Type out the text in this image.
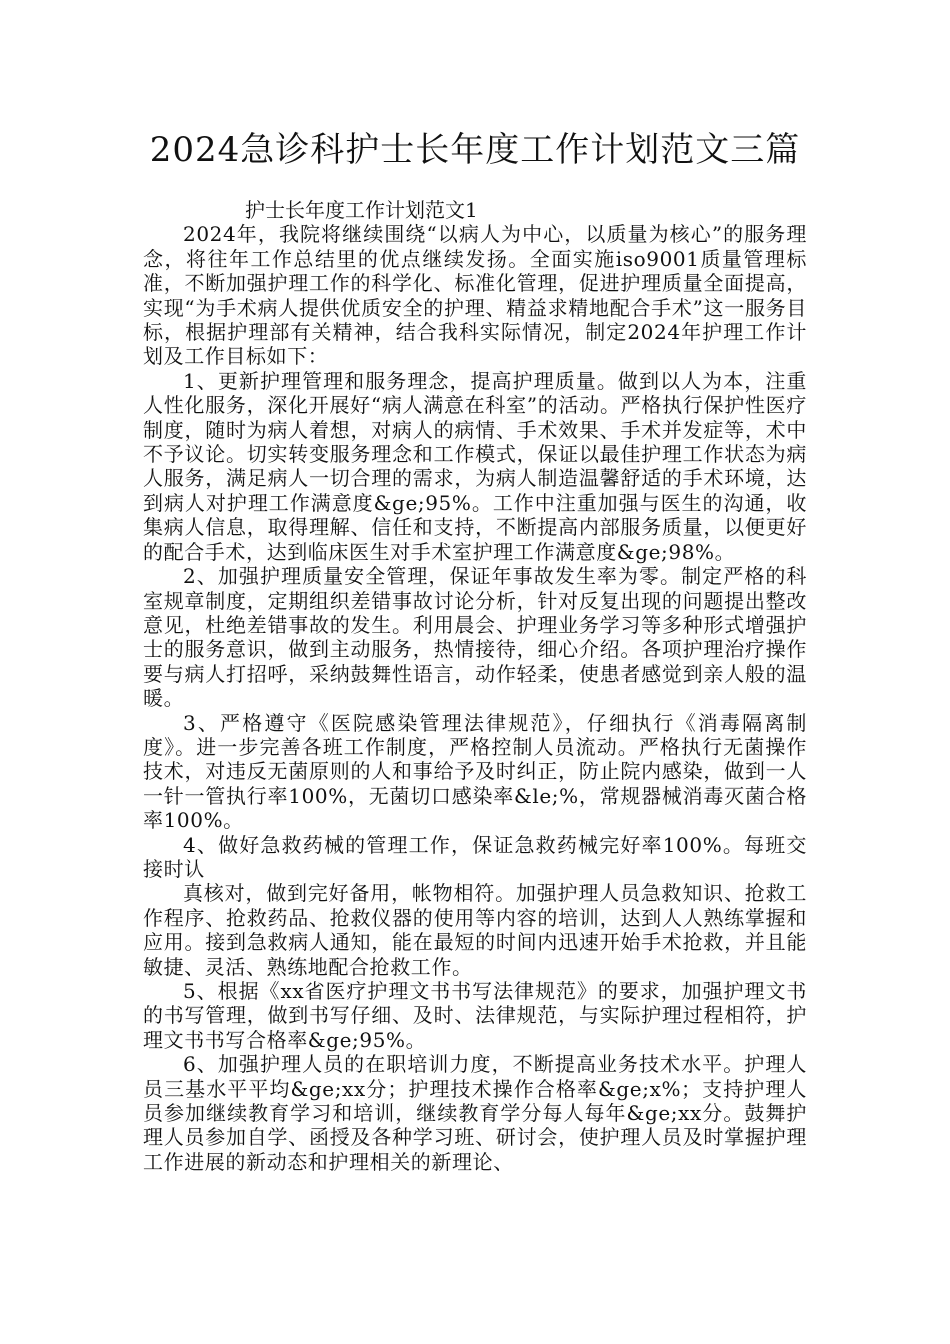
2024急诊科护士长年度工作计划范文三篇

护士长年度工作计划范文1

2024年，我院将继续围绕“以病人为中心，以质量为核心”的服务理念，将往年工作总结里的优点继续发扬。全面实施iso9001质量管理标准，不断加强护理工作的科学化、标准化管理，促进护理质量全面提高，实现“为手术病人提供优质安全的护理、精益求精地配合手术”这一服务目标，根据护理部有关精神，结合我科实际情况，制定2024年护理工作计划及工作目标如下：

1、更新护理管理和服务理念，提高护理质量。做到以人为本，注重人性化服务，深化开展好“病人满意在科室”的活动。严格执行保护性医疗制度，随时为病人着想，对病人的病情、手术效果、手术并发症等，术中不予议论。切实转变服务理念和工作模式，保证以最佳护理工作状态为病人服务，满足病人一切合理的需求，为病人制造温馨舒适的手术环境，达到病人对护理工作满意度&ge;95%。工作中注重加强与医生的沟通，收集病人信息，取得理解、信任和支持，不断提高内部服务质量，以便更好的配合手术，达到临床医生对手术室护理工作满意度&ge;98%。

2、加强护理质量安全管理，保证年事故发生率为零。制定严格的科室规章制度，定期组织差错事故讨论分析，针对反复出现的问题提出整改意见，杜绝差错事故的发生。利用晨会、护理业务学习等多种形式增强护士的服务意识，做到主动服务，热情接待，细心介绍。各项护理治疗操作要与病人打招呼，采纳鼓舞性语言，动作轻柔，使患者感觉到亲人般的温暖。

3、严格遵守《医院感染管理法律规范》，仔细执行《消毒隔离制度》。进一步完善各班工作制度，严格控制人员流动。严格执行无菌操作技术，对违反无菌原则的人和事给予及时纠正，防止院内感染，做到一人一针一管执行率100%，无菌切口感染率&le;%，常规器械消毒灭菌合格率100%。

4、做好急救药械的管理工作，保证急救药械完好率100%。每班交接时认

真核对，做到完好备用，帐物相符。加强护理人员急救知识、抢救工作程序、抢救药品、抢救仪器的使用等内容的培训，达到人人熟练掌握和应用。接到急救病人通知，能在最短的时间内迅速开始手术抢救，并且能敏捷、灵活、熟练地配合抢救工作。

5、根据《xx省医疗护理文书书写法律规范》的要求，加强护理文书的书写管理，做到书写仔细、及时、法律规范，与实际护理过程相符，护理文书书写合格率&ge;95%。

6、加强护理人员的在职培训力度，不断提高业务技术水平。护理人员三基水平平均&ge;xx分；护理技术操作合格率&ge;x%；支持护理人员参加继续教育学习和培训，继续教育学分每人每年&ge;xx分。鼓舞护理人员参加自学、函授及各种学习班、研讨会，使护理人员及时掌握护理工作进展的新动态和护理相关的新理论、
